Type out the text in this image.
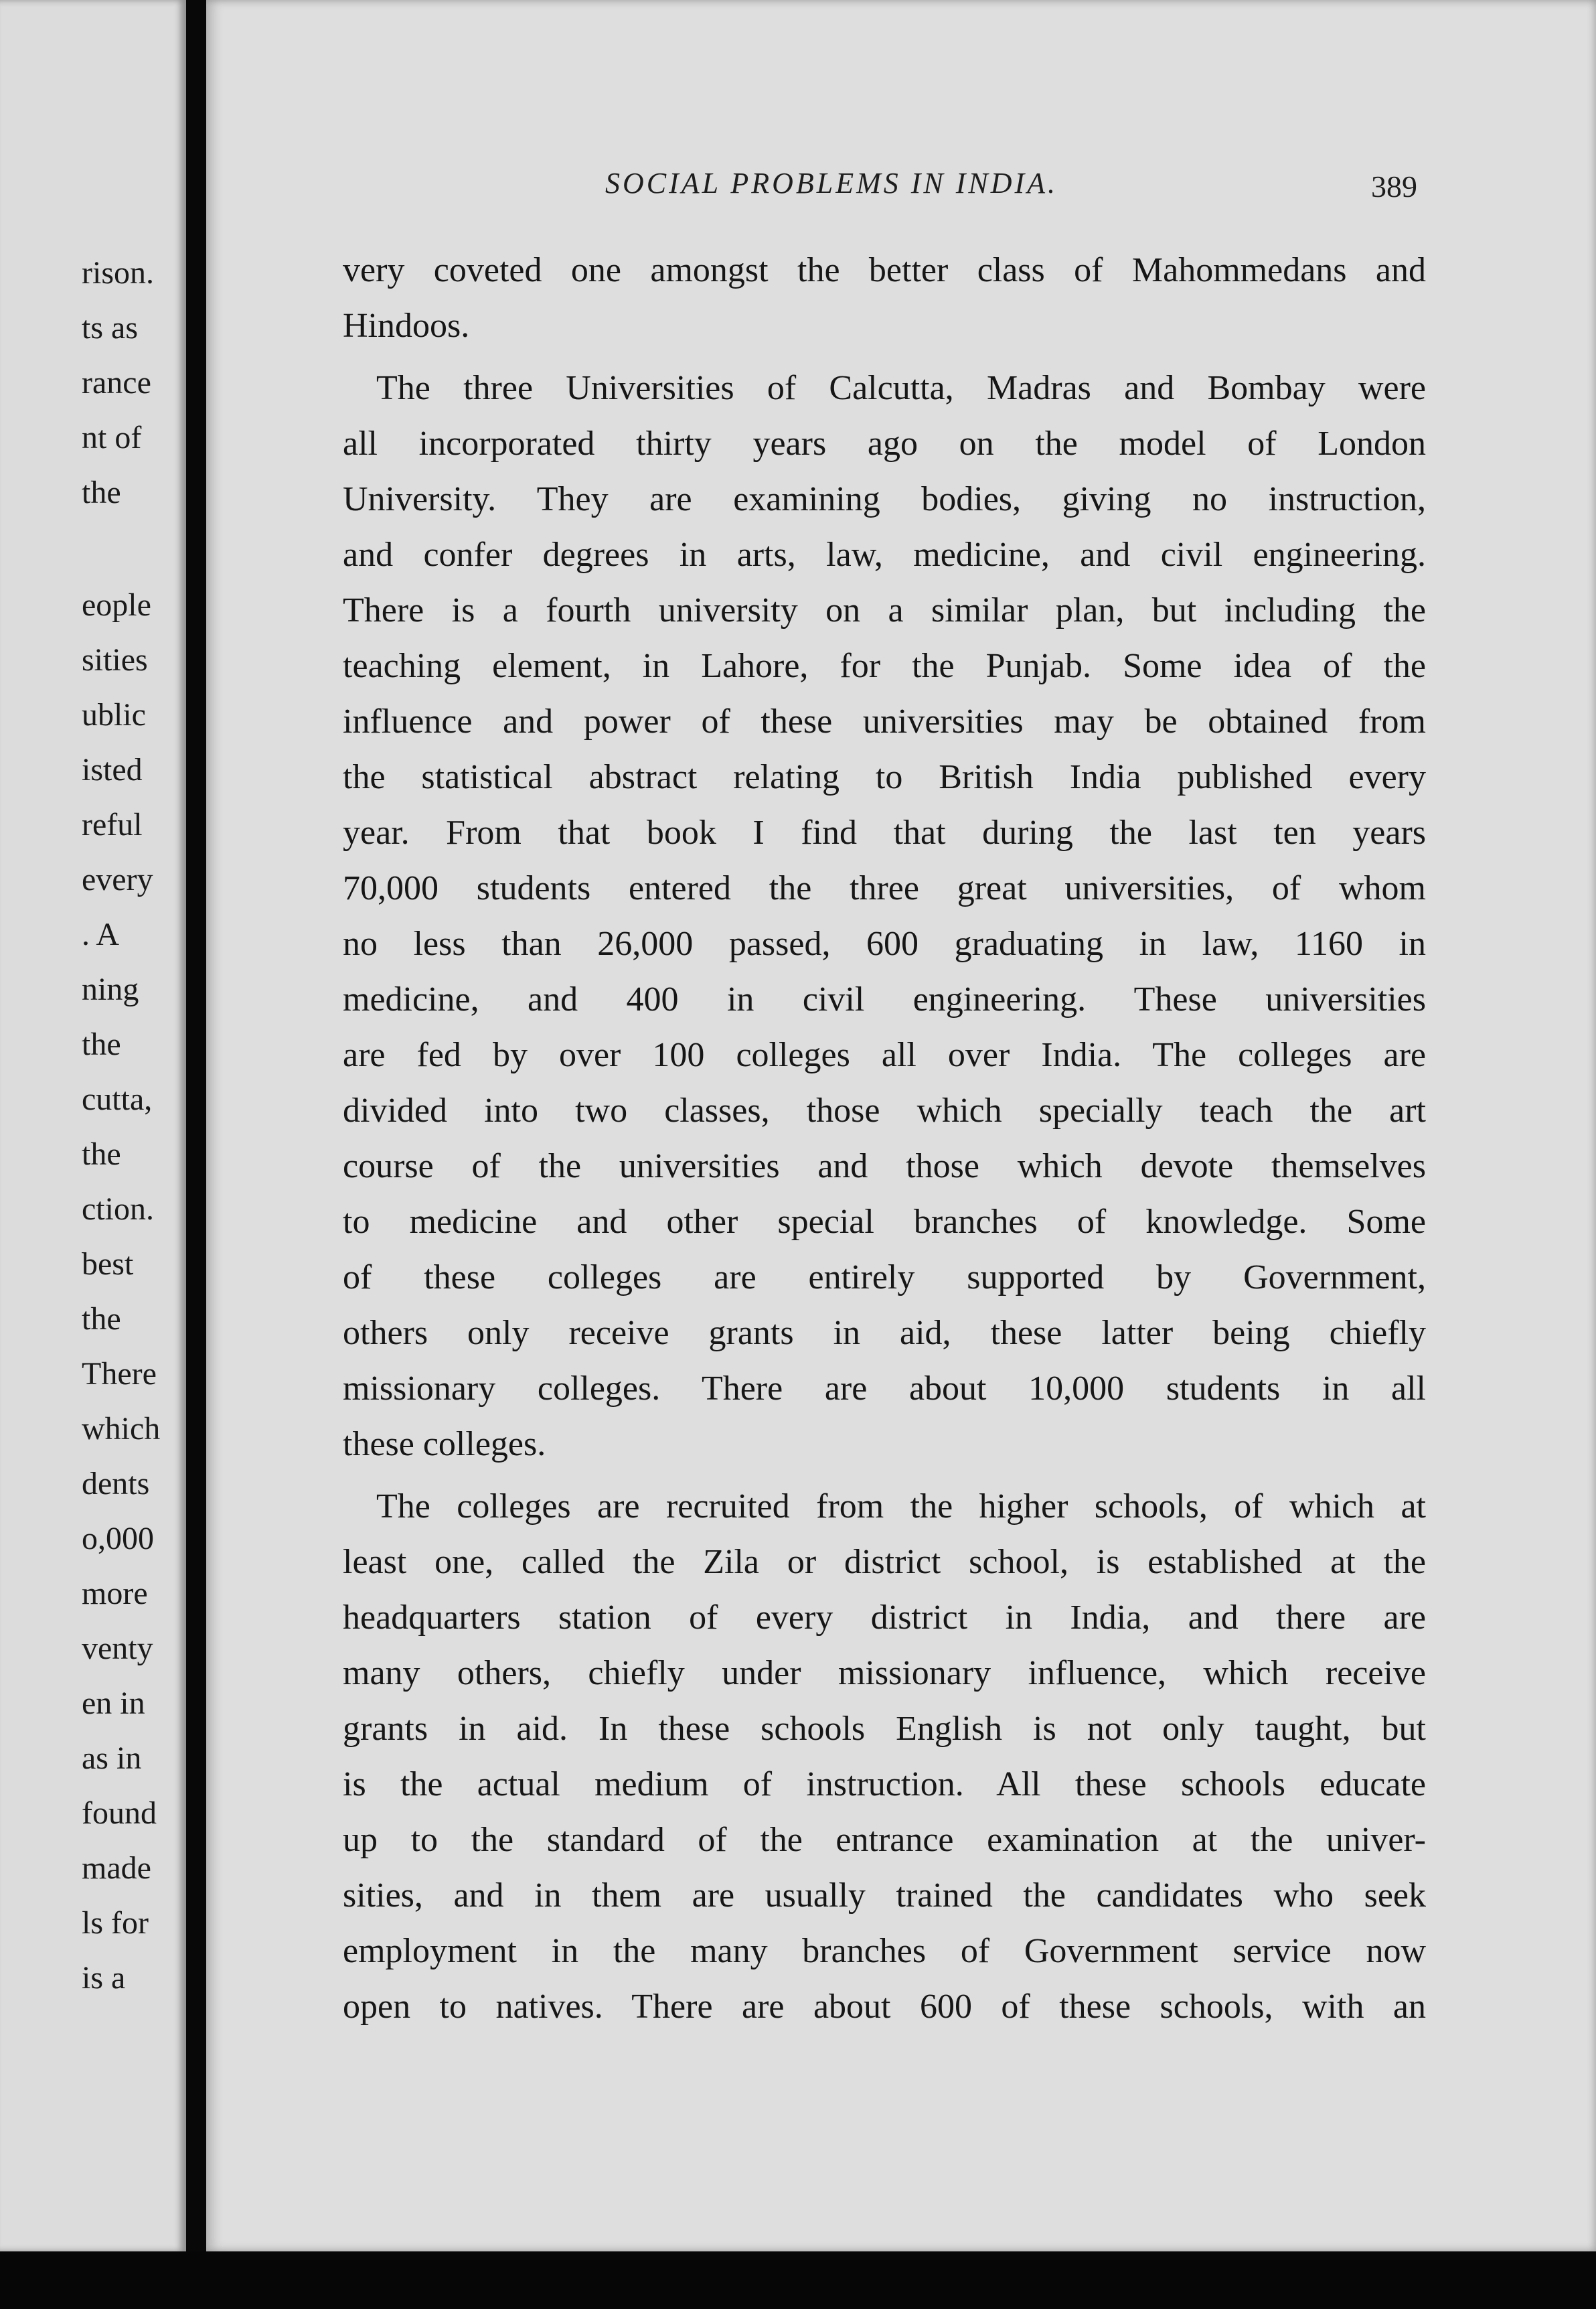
rison.
ts as
rance
nt of
the
eople
sities
ublic
isted
reful
every
. A
ning
the
cutta,
the
ction.
best
the
There
which
dents
o,000
more
venty
en in
as in
found
made
ls for
is a
SOCIAL PROBLEMS IN INDIA.	389
very coveted one amongst the better class of Mahommedans and
Hindoos.
The three Universities of Calcutta, Madras and Bombay were
all incorporated thirty years ago on the model of London
University. They are examining bodies, giving no instruction,
and confer degrees in arts, law, medicine, and civil engineering.
There is a fourth university on a similar plan, but including the
teaching element, in Lahore, for the Punjab. Some idea of the
influence and power of these universities may be obtained from
the statistical abstract relating to British India published every
year. From that book I find that during the last ten years
70,000 students entered the three great universities, of whom
no less than 26,000 passed, 600 graduating in law, 1160 in
medicine, and 400 in civil engineering. These universities
are fed by over 100 colleges all over India. The colleges are
divided into two classes, those which specially teach the art
course of the universities and those which devote themselves
to medicine and other special branches of knowledge. Some
of these colleges are entirely supported by Government,
others only receive grants in aid, these latter being chiefly
missionary colleges. There are about 10,000 students in all
these colleges.
The colleges are recruited from the higher schools, of which at
least one, called the Zila or district school, is established at the
headquarters station of every district in India, and there are
many others, chiefly under missionary influence, which receive
grants in aid. In these schools English is not only taught, but
is the actual medium of instruction. All these schools educate
up to the standard of the entrance examination at the univer-
sities, and in them are usually trained the candidates who seek
employment in the many branches of Government service now
open to natives. There are about 600 of these schools, with an
